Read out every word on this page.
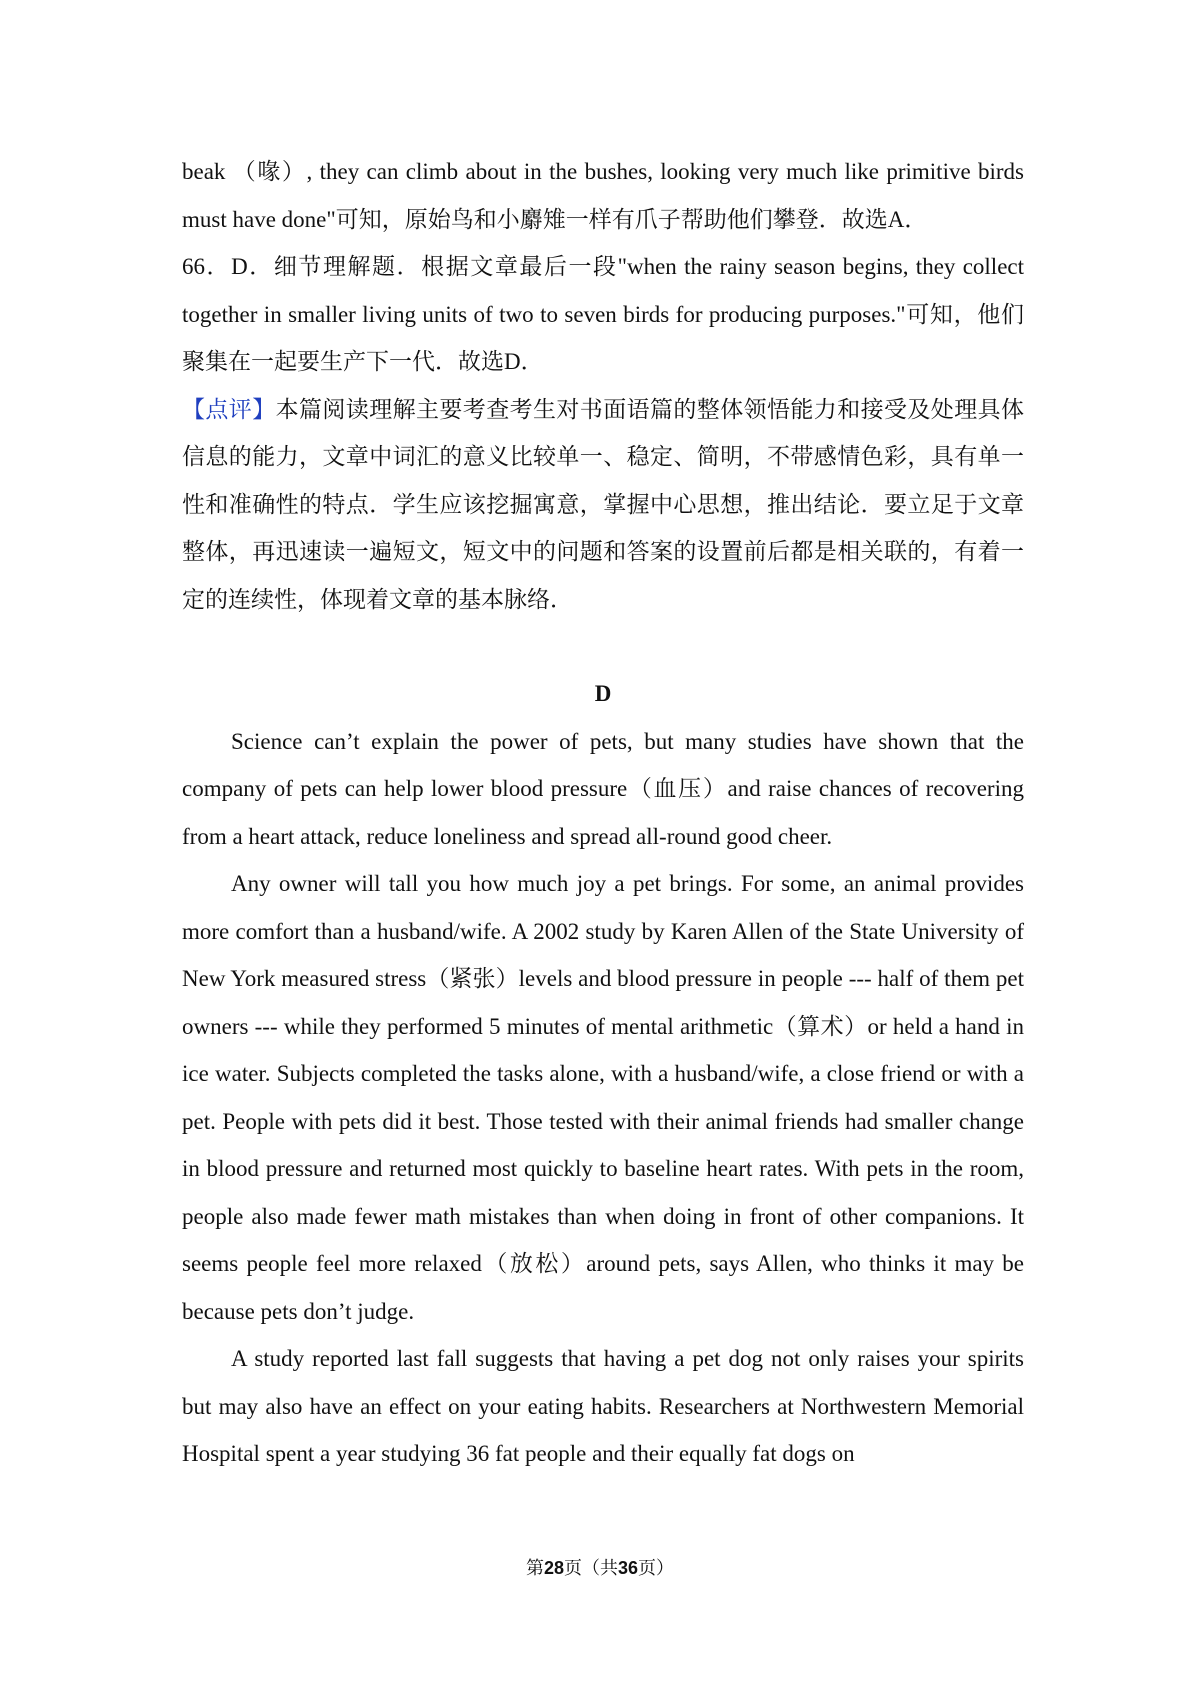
beak （喙）, they can climb about in the bushes, looking very much like primitive birds must have done"可知，原始鸟和小麝雉一样有爪子帮助他们攀登．故选A．

66．D．细节理解题．根据文章最后一段"when the rainy season begins, they collect together in smaller living units of two to seven birds for producing purposes."可知，他们聚集在一起要生产下一代．故选D．

【点评】本篇阅读理解主要考查考生对书面语篇的整体领悟能力和接受及处理具体信息的能力，文章中词汇的意义比较单一、稳定、简明，不带感情色彩，具有单一性和准确性的特点．学生应该挖掘寓意，掌握中心思想，推出结论．要立足于文章整体，再迅速读一遍短文，短文中的问题和答案的设置前后都是相关联的，有着一定的连续性，体现着文章的基本脉络．

D

Science can’t explain the power of pets, but many studies have shown that the company of pets can help lower blood pressure（血压）and raise chances of recovering from a heart attack, reduce loneliness and spread all-round good cheer.

Any owner will tall you how much joy a pet brings. For some, an animal provides more comfort than a husband/wife. A 2002 study by Karen Allen of the State University of New York measured stress（紧张）levels and blood pressure in people --- half of them pet owners --- while they performed 5 minutes of mental arithmetic（算术）or held a hand in ice water. Subjects completed the tasks alone, with a husband/wife, a close friend or with a pet. People with pets did it best. Those tested with their animal friends had smaller change in blood pressure and returned most quickly to baseline heart rates. With pets in the room, people also made fewer math mistakes than when doing in front of other companions. It seems people feel more relaxed（放松）around pets, says Allen, who thinks it may be because pets don’t judge.

A study reported last fall suggests that having a pet dog not only raises your spirits but may also have an effect on your eating habits. Researchers at Northwestern Memorial Hospital spent a year studying 36 fat people and their equally fat dogs on

第28页（共36页）
